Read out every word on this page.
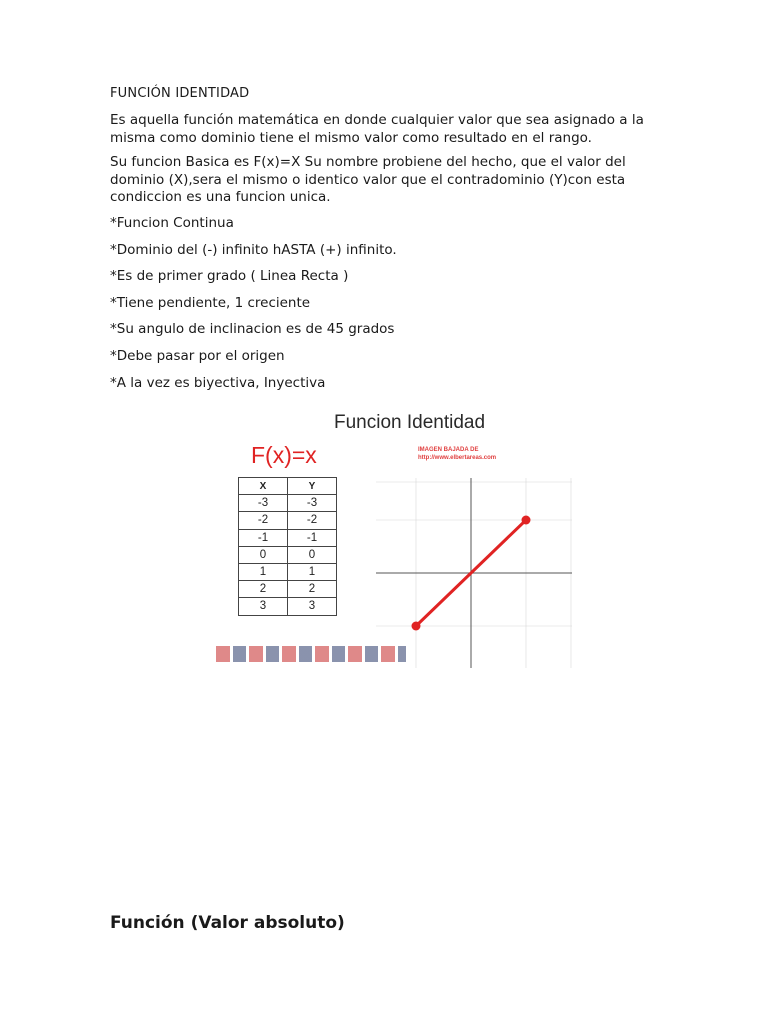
FUNCIÓN IDENTIDAD

Es aquella función matemática en donde cualquier valor que sea asignado a la misma como dominio tiene el mismo valor como resultado en el rango.

Su funcion Basica es F(x)=X Su nombre probiene del hecho, que el valor del dominio (X),sera el mismo o identico valor que el contradominio (Y)con esta condiccion es una funcion unica.

*Funcion Continua
*Dominio del (-) infinito hASTA (+) infinito.
*Es de primer grado ( Linea Recta )
*Tiene pendiente, 1 creciente
*Su angulo de inclinacion es de 45 grados
*Debe pasar por el origen
*A la vez es biyectiva, Inyectiva
Funcion Identidad
F(x)=x	IMAGEN BAJADA DE
http://www.elbertareas.com
X	Y
-3	-3
-2	-2
-1	-1
0	0
1	1
2	2
3	3
Función (Valor absoluto)
